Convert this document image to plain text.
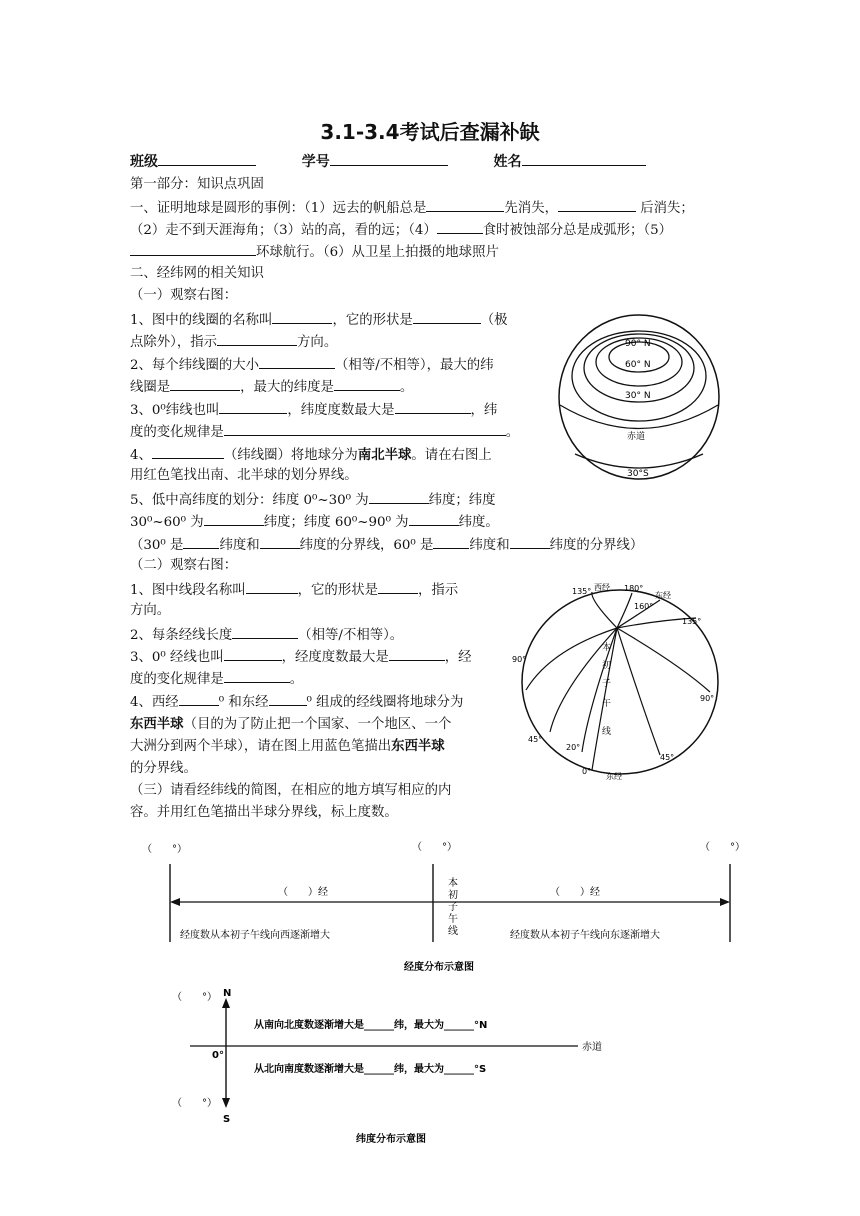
3.1-3.4考试后查漏补缺
班级	学号	姓名
第一部分：知识点巩固
一、证明地球是圆形的事例：（1）远去的帆船总是	先消失，	后消失；
（2）走不到天涯海角；（3）站的高，看的远；（4）	食时被蚀部分总是成弧形；（5）
环球航行。（6）从卫星上拍摄的地球照片
二、经纬网的相关知识
（一）观察右图：
1、图中的线圈的名称叫	，它的形状是	（极
点除外），指示	方向。
2、每个纬线圈的大小	（相等/不相等），最大的纬
线圈是	，最大的纬度是	。
3、0⁰纬线也叫	，纬度度数最大是	，纬
度的变化规律是	。
4、	（纬线圈）将地球分为南北半球。请在右图上
用红色笔找出南、北半球的划分界线。
5、低中高纬度的划分：纬度 0⁰~30⁰ 为	纬度；纬度
30⁰~60⁰ 为	纬度；纬度 60⁰~90⁰ 为	纬度。
（30⁰ 是	纬度和	纬度的分界线，60⁰ 是	纬度和	纬度的分界线）
（二）观察右图：
1、图中线段名称叫	，它的形状是	，指示
方向。
2、每条经线长度	（相等/不相等）。
3、0⁰ 经线也叫	，经度度数最大是	，经
度的变化规律是	。
4、西经	⁰ 和东经	⁰ 组成的经线圈将地球分为
东西半球（目的为了防止把一个国家、一个地区、一个
大洲分到两个半球），请在图上用蓝色笔描出东西半球
的分界线。
（三）请看经纬线的简图，在相应的地方填写相应的内
容。并用红色笔描出半球分界线，标上度数。
90° N
60° N
30° N
赤道
30°S
西经 180°
东经
135°
160°
135°
90°
90°
45°
20°
0°
45°
东经
本
初
子
午
线
（　　°）	（　　°）	（　　°）
（　　）经	（　　）经
本
初
子
午
线
经度数从本初子午线向西逐渐增大	经度数从本初子午线向东逐渐增大
经度分布示意图
（　　°） N
赤道
0°
从南向北度数逐渐增大是______纬，最大为______°N
从北向南度数逐渐增大是______纬，最大为______°S
（　　°）
S
纬度分布示意图
